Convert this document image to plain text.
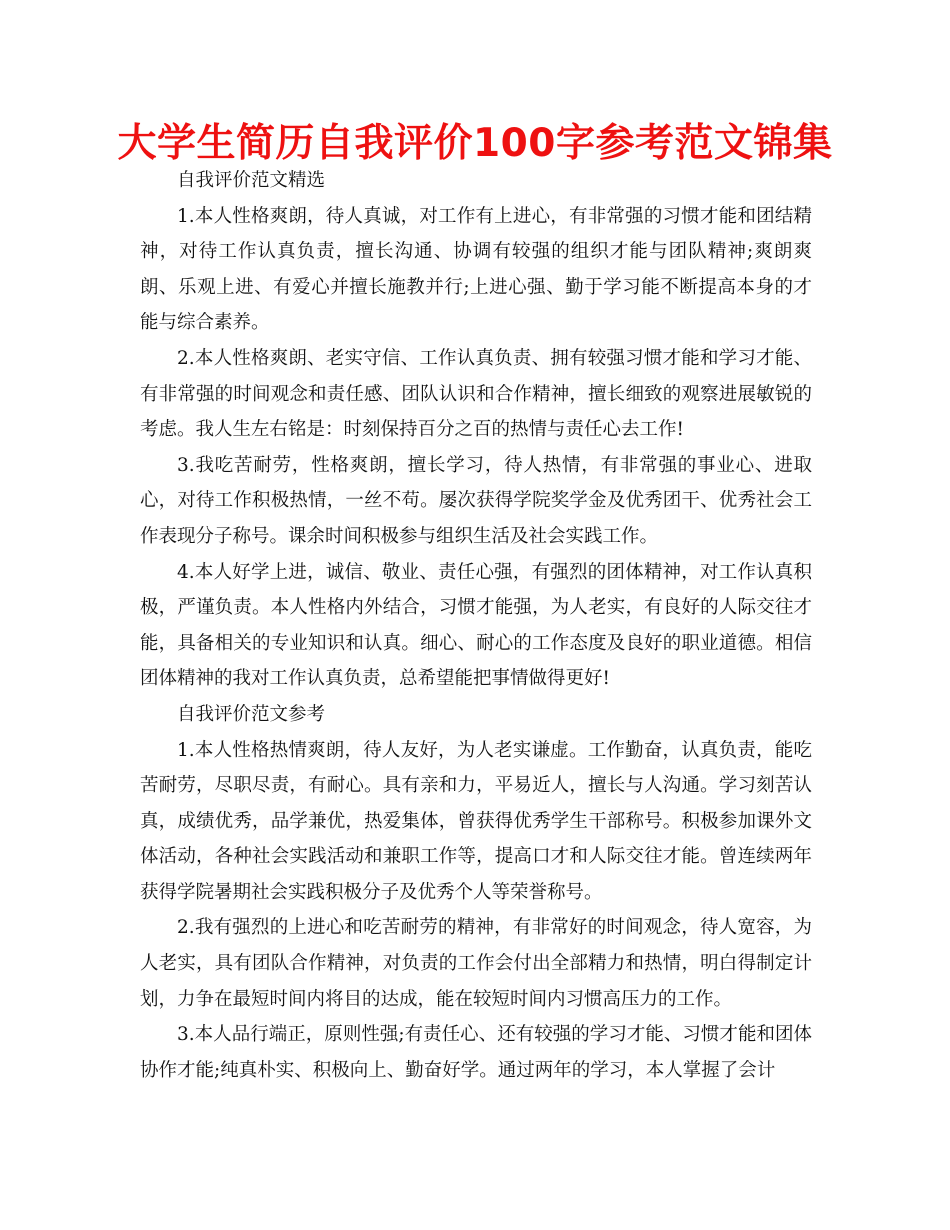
大学生简历自我评价100字参考范文锦集

自我评价范文精选

1.本人性格爽朗，待人真诚，对工作有上进心，有非常强的习惯才能和团结精神，对待工作认真负责，擅长沟通、协调有较强的组织才能与团队精神;爽朗爽朗、乐观上进、有爱心并擅长施教并行;上进心强、勤于学习能不断提高本身的才能与综合素养。

2.本人性格爽朗、老实守信、工作认真负责、拥有较强习惯才能和学习才能、有非常强的时间观念和责任感、团队认识和合作精神，擅长细致的观察进展敏锐的考虑。我人生左右铭是：时刻保持百分之百的热情与责任心去工作!

3.我吃苦耐劳，性格爽朗，擅长学习，待人热情，有非常强的事业心、进取心，对待工作积极热情，一丝不苟。屡次获得学院奖学金及优秀团干、优秀社会工作表现分子称号。课余时间积极参与组织生活及社会实践工作。

4.本人好学上进，诚信、敬业、责任心强，有强烈的团体精神，对工作认真积极，严谨负责。本人性格内外结合，习惯才能强，为人老实，有良好的人际交往才能，具备相关的专业知识和认真。细心、耐心的工作态度及良好的职业道德。相信团体精神的我对工作认真负责，总希望能把事情做得更好!

自我评价范文参考

1.本人性格热情爽朗，待人友好，为人老实谦虚。工作勤奋，认真负责，能吃苦耐劳，尽职尽责，有耐心。具有亲和力，平易近人，擅长与人沟通。学习刻苦认真，成绩优秀，品学兼优，热爱集体，曾获得优秀学生干部称号。积极参加课外文体活动，各种社会实践活动和兼职工作等，提高口才和人际交往才能。曾连续两年获得学院暑期社会实践积极分子及优秀个人等荣誉称号。

2.我有强烈的上进心和吃苦耐劳的精神，有非常好的时间观念，待人宽容，为人老实，具有团队合作精神，对负责的工作会付出全部精力和热情，明白得制定计划，力争在最短时间内将目的达成，能在较短时间内习惯高压力的工作。

3.本人品行端正，原则性强;有责任心、还有较强的学习才能、习惯才能和团体协作才能;纯真朴实、积极向上、勤奋好学。通过两年的学习，本人掌握了会计
